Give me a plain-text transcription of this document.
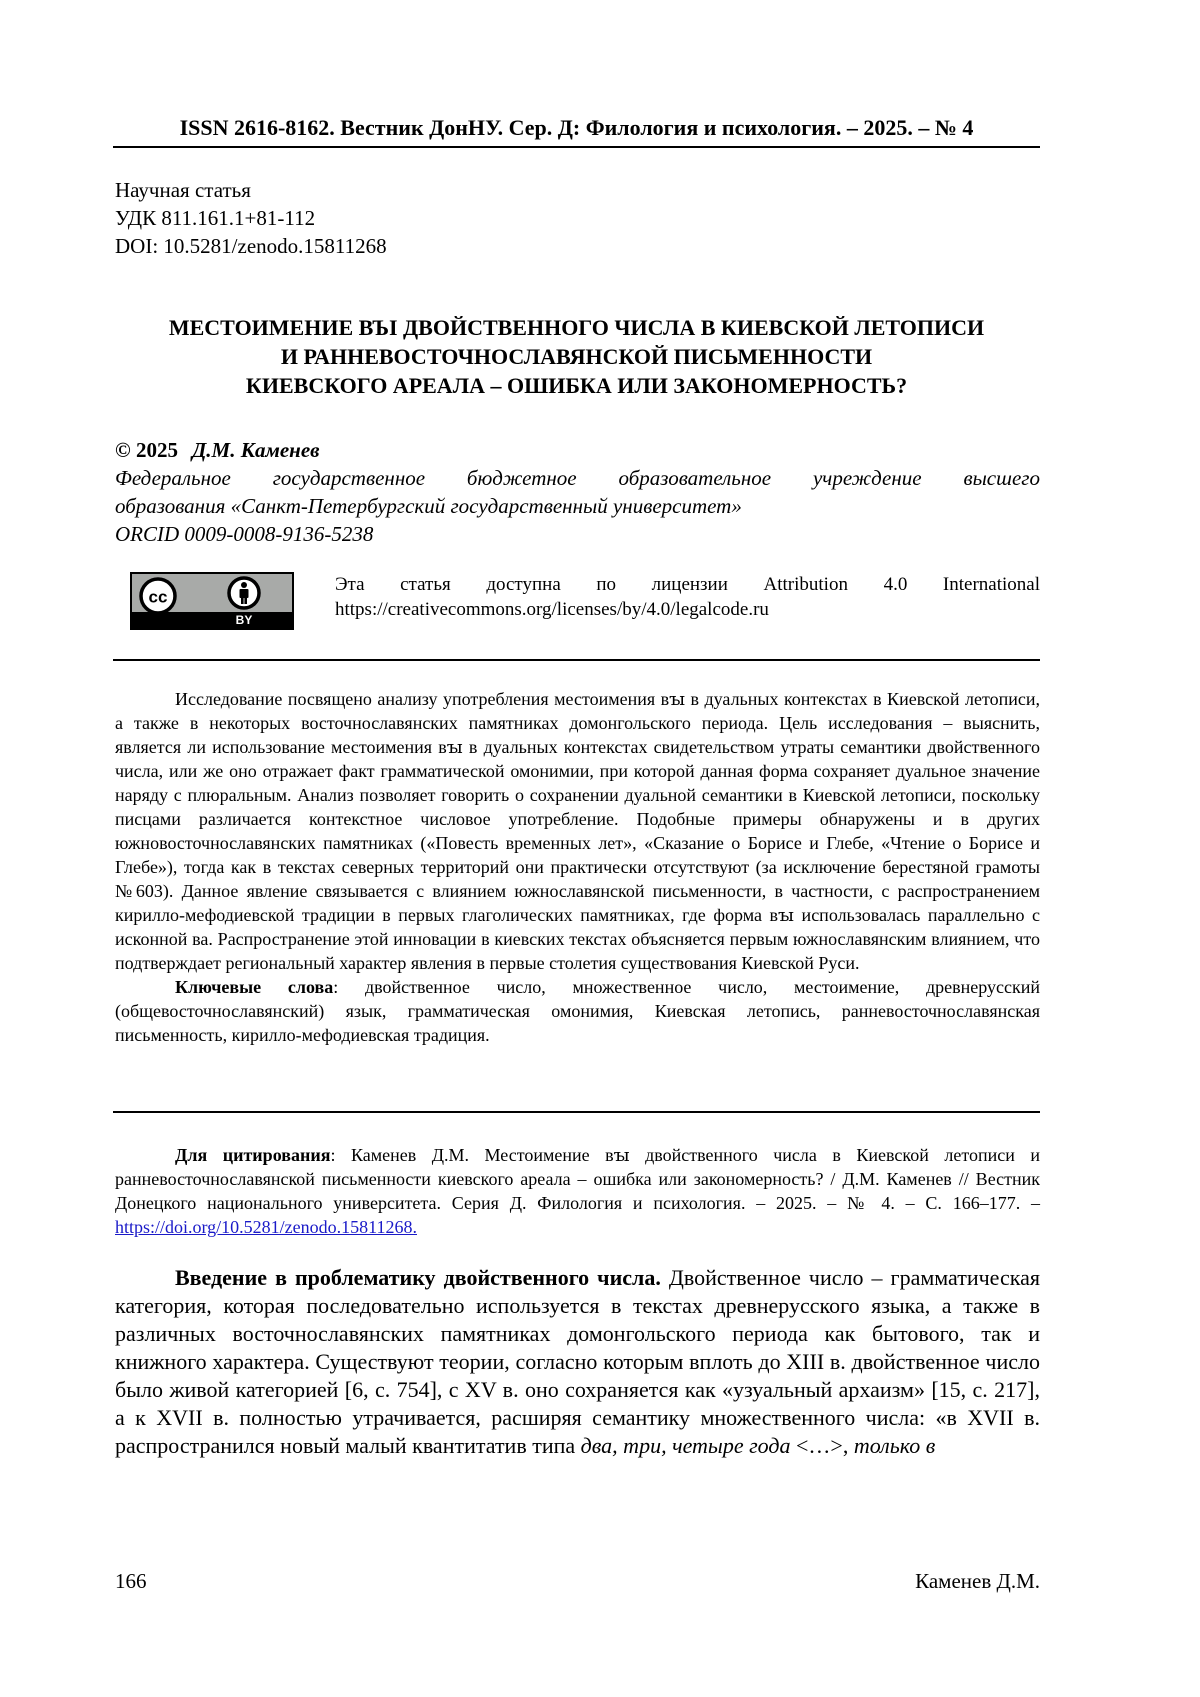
ISSN 2616-8162. Вестник ДонНУ. Сер. Д: Филология и психология. – 2025. – № 4
Научная статья
УДК 811.161.1+81-112
DOI: 10.5281/zenodo.15811268
МЕСТОИМЕНИЕ ВЪI ДВОЙСТВЕННОГО ЧИСЛА В КИЕВСКОЙ ЛЕТОПИСИ
И РАННЕВОСТОЧНОСЛАВЯНСКОЙ ПИСЬМЕННОСТИ
КИЕВСКОГО АРЕАЛА – ОШИБКА ИЛИ ЗАКОНОМЕРНОСТЬ?
© 2025 Д.М. Каменев
Федеральное государственное бюджетное образовательное учреждение высшего
образования «Санкт-Петербургский государственный университет»
ORCID 0009-0008-9136-5238
cc
BY
Эта статья доступна по лицензии Attribution 4.0 International
https://creativecommons.org/licenses/by/4.0/legalcode.ru

Исследование посвящено анализу употребления местоимения вꙑ в дуальных контекстах в Киевской летописи, а также в некоторых восточнославянских памятниках домонгольского периода. Цель исследования – выяснить, является ли использование местоимения вꙑ в дуальных контекстах свидетельством утраты семантики двойственного числа, или же оно отражает факт грамматической омонимии, при которой данная форма сохраняет дуальное значение наряду с плюральным. Анализ позволяет говорить о сохранении дуальной семантики в Киевской летописи, поскольку писцами различается контекстное числовое употребление. Подобные примеры обнаружены и в других южновосточнославянских памятниках («Повесть временных лет», «Сказание о Борисе и Глебе, «Чтение о Борисе и Глебе»), тогда как в текстах северных территорий они практически отсутствуют (за исключение берестяной грамоты №603). Данное явление связывается с влиянием южнославянской письменности, в частности, с распространением кирилло-мефодиевской традиции в первых глаголических памятниках, где форма вꙑ использовалась параллельно с исконной ва. Распространение этой инновации в киевских текстах объясняется первым южнославянским влиянием, что подтверждает региональный характер явления в первые столетия существования Киевской Руси.

Ключевые слова: двойственное число, множественное число, местоимение, древнерусский (общевосточнославянский) язык, грамматическая омонимия, Киевская летопись, ранневосточнославянская письменность, кирилло-мефодиевская традиция.

Для цитирования: Каменев Д.М. Местоимение вꙑ двойственного числа в Киевской летописи и ранневосточнославянской письменности киевского ареала – ошибка или закономерность? / Д.М. Каменев // Вестник Донецкого национального университета. Серия Д. Филология и психология. – 2025. – № 4. – С. 166–177. – https://doi.org/10.5281/zenodo.15811268.

Введение в проблематику двойственного числа. Двойственное число – грамматическая категория, которая последовательно используется в текстах древнерусского языка, а также в различных восточнославянских памятниках домонгольского периода как бытового, так и книжного характера. Существуют теории, согласно которым вплоть до XIII в. двойственное число было живой категорией [6, с. 754], с XV в. оно сохраняется как «узуальный архаизм» [15, с. 217], а к XVII в. полностью утрачивается, расширяя семантику множественного числа: «в XVII в. распространился новый малый квантитатив типа два, три, четыре года <…>, только в

166	Каменев Д.М.
